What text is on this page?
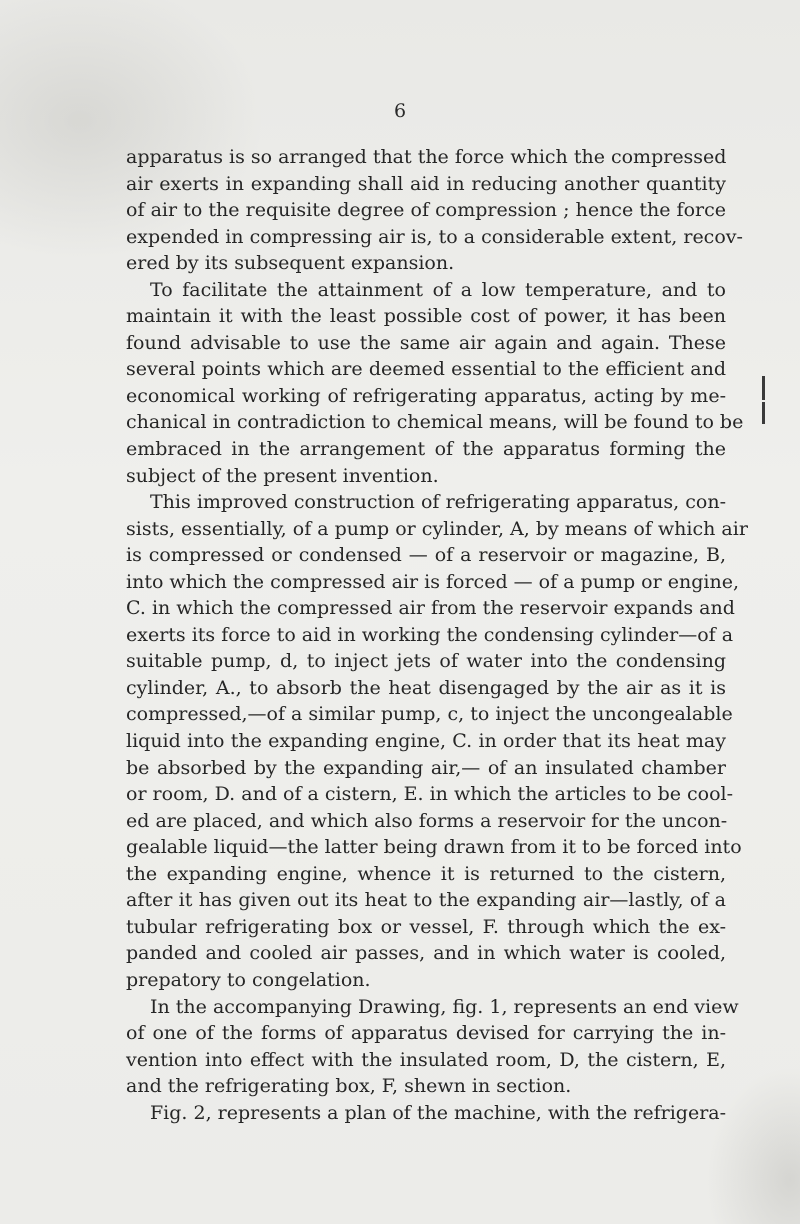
6
apparatus is so arranged that the force which the compressed
air exerts in expanding shall aid in reducing another quantity
of air to the requisite degree of compression ; hence the force
expended in compressing air is, to a considerable extent, recov-
ered by its subsequent expansion.
To facilitate the attainment of a low temperature, and to
maintain it with the least possible cost of power, it has been
found advisable to use the same air again and again. These
several points which are deemed essential to the efficient and
economical working of refrigerating apparatus, acting by me-
chanical in contradiction to chemical means, will be found to be
embraced in the arrangement of the apparatus forming the
subject of the present invention.
This improved construction of refrigerating apparatus, con-
sists, essentially, of a pump or cylinder, A, by means of which air
is compressed or condensed — of a reservoir or magazine, B,
into which the compressed air is forced — of a pump or engine,
C. in which the compressed air from the reservoir expands and
exerts its force to aid in working the condensing cylinder—of a
suitable pump, d, to inject jets of water into the condensing
cylinder, A., to absorb the heat disengaged by the air as it is
compressed,—of a similar pump, c, to inject the uncongealable
liquid into the expanding engine, C. in order that its heat may
be absorbed by the expanding air,— of an insulated chamber
or room, D. and of a cistern, E. in which the articles to be cool-
ed are placed, and which also forms a reservoir for the uncon-
gealable liquid—the latter being drawn from it to be forced into
the expanding engine, whence it is returned to the cistern,
after it has given out its heat to the expanding air—lastly, of a
tubular refrigerating box or vessel, F. through which the ex-
panded and cooled air passes, and in which water is cooled,
prepatory to congelation.
In the accompanying Drawing, fig. 1, represents an end view
of one of the forms of apparatus devised for carrying the in-
vention into effect with the insulated room, D, the cistern, E,
and the refrigerating box, F, shewn in section.
Fig. 2, represents a plan of the machine, with the refrigera-
